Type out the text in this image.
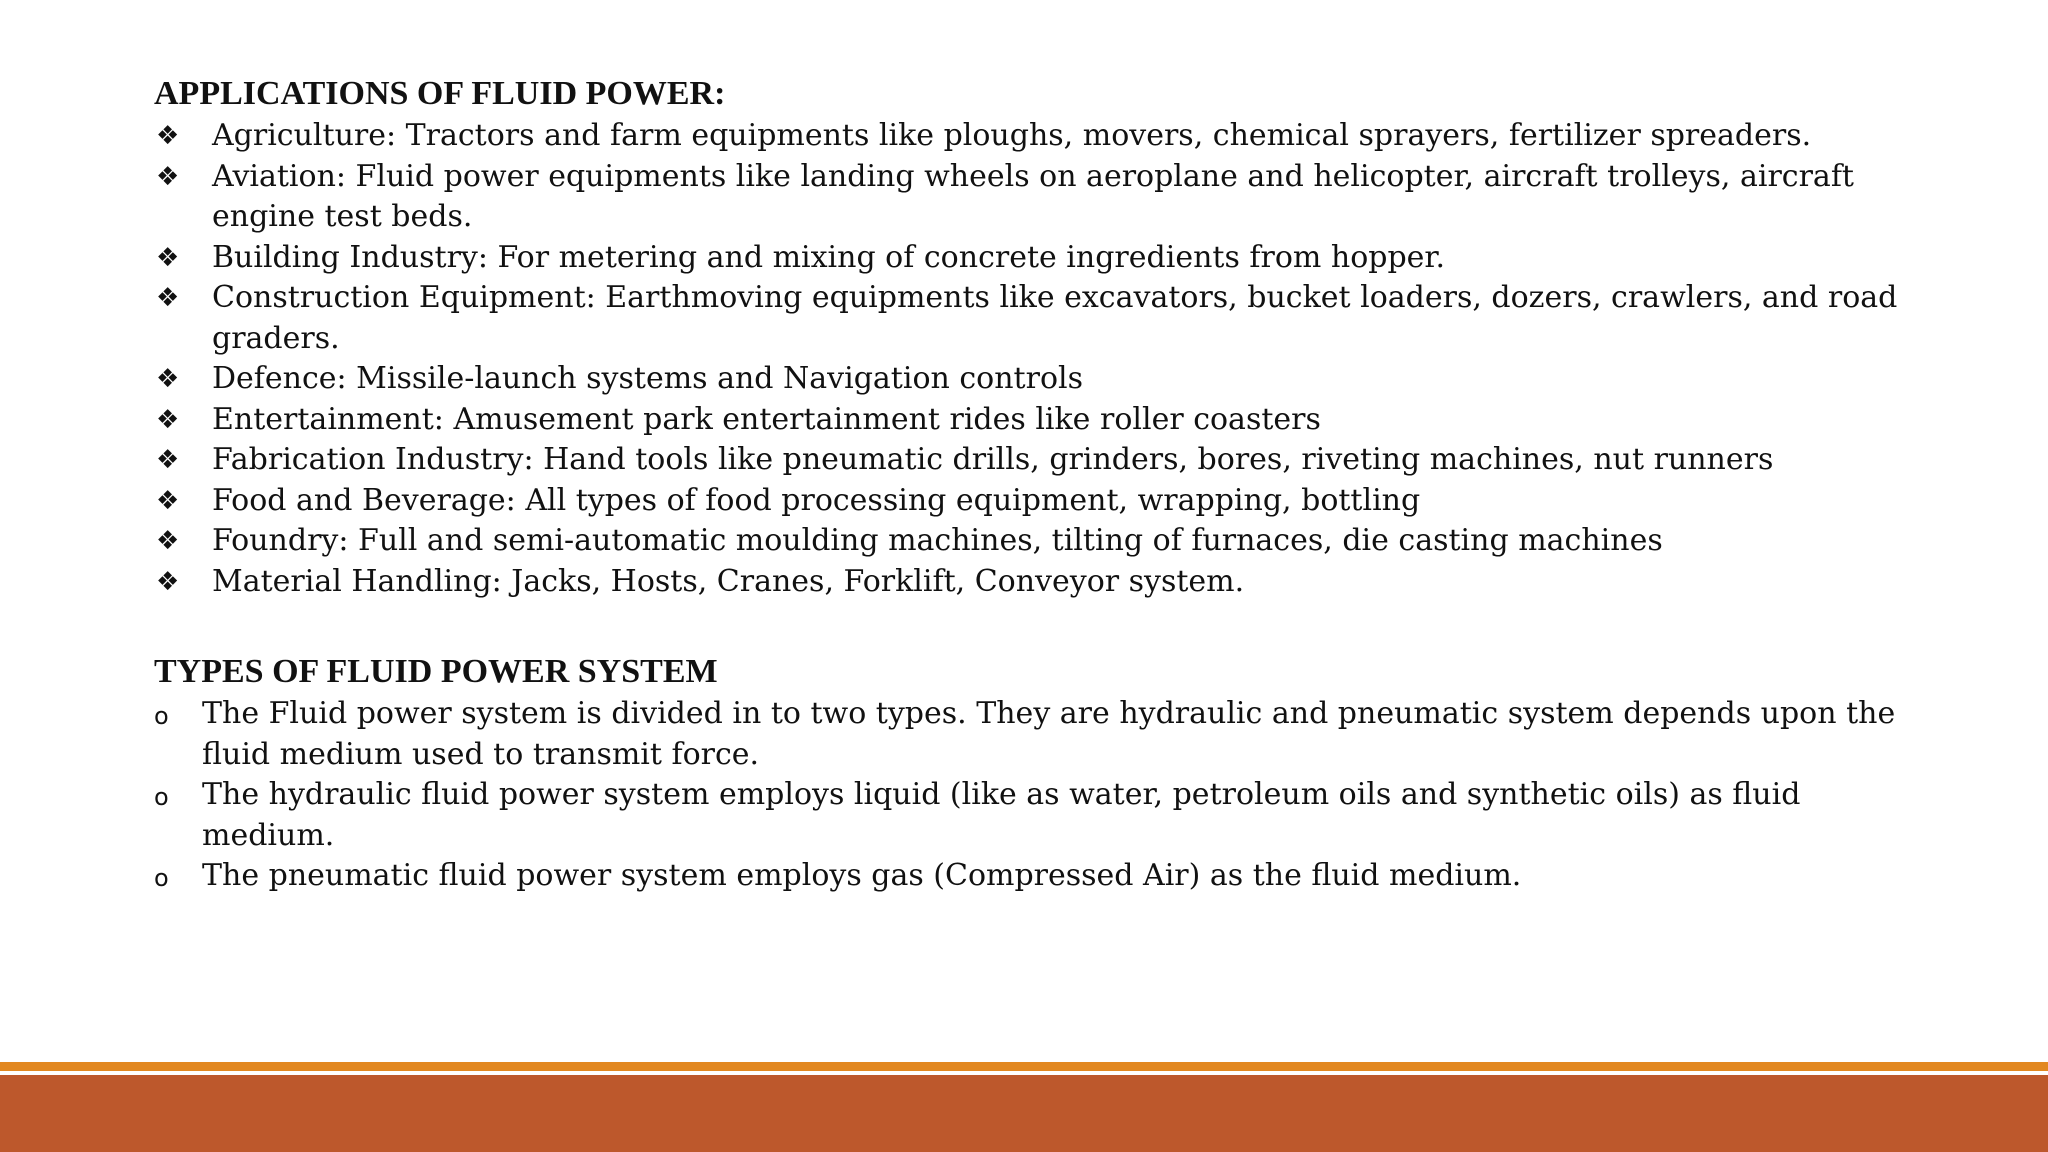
APPLICATIONS OF FLUID POWER:
❖ Agriculture: Tractors and farm equipments like ploughs, movers, chemical sprayers, fertilizer spreaders.
❖ Aviation: Fluid power equipments like landing wheels on aeroplane and helicopter, aircraft trolleys, aircraft engine test beds.
❖ Building Industry: For metering and mixing of concrete ingredients from hopper.
❖ Construction Equipment: Earthmoving equipments like excavators, bucket loaders, dozers, crawlers, and road graders.
❖ Defence: Missile-launch systems and Navigation controls
❖ Entertainment: Amusement park entertainment rides like roller coasters
❖ Fabrication Industry: Hand tools like pneumatic drills, grinders, bores, riveting machines, nut runners
❖ Food and Beverage: All types of food processing equipment, wrapping, bottling
❖ Foundry: Full and semi-automatic moulding machines, tilting of furnaces, die casting machines
❖ Material Handling: Jacks, Hosts, Cranes, Forklift, Conveyor system.
TYPES OF FLUID POWER SYSTEM
o The Fluid power system is divided in to two types. They are hydraulic and pneumatic system depends upon the fluid medium used to transmit force.
o The hydraulic fluid power system employs liquid (like as water, petroleum oils and synthetic oils) as fluid medium.
o The pneumatic fluid power system employs gas (Compressed Air) as the fluid medium.
